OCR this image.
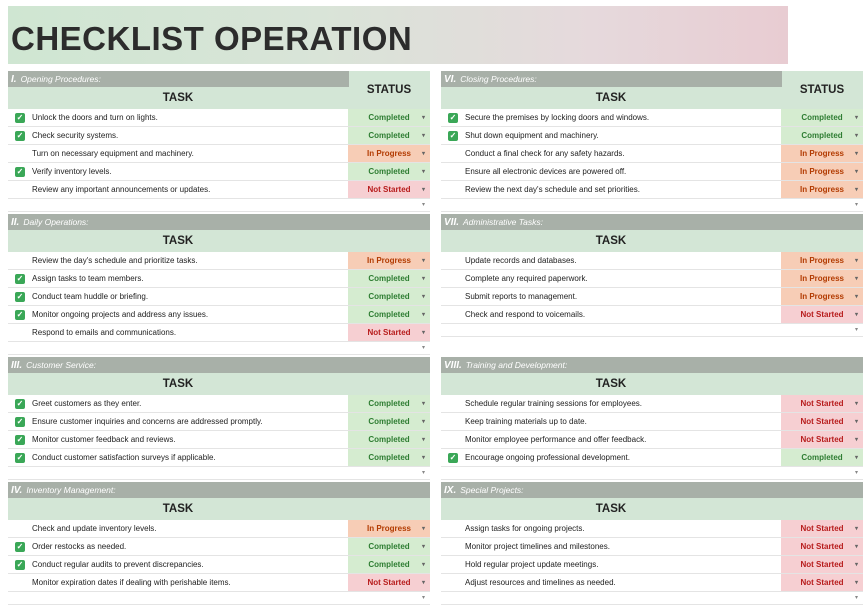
CHECKLIST OPERATION
STATUS
I. Opening Procedures:
TASK
✓ Unlock the doors and turn on lights.	Completed ▾
✓ Check security systems.	Completed ▾
Turn on necessary equipment and machinery.	In Progress ▾
✓ Verify inventory levels.	Completed ▾
Review any important announcements or updates.	Not Started ▾
▾
II. Daily Operations:
TASK
Review the day's schedule and prioritize tasks.	In Progress ▾
✓ Assign tasks to team members.	Completed ▾
✓ Conduct team huddle or briefing.	Completed ▾
✓ Monitor ongoing projects and address any issues.	Completed ▾
Respond to emails and communications.	Not Started ▾
▾
III. Customer Service:
TASK
✓ Greet customers as they enter.	Completed ▾
✓ Ensure customer inquiries and concerns are addressed promptly.	Completed ▾
✓ Monitor customer feedback and reviews.	Completed ▾
✓ Conduct customer satisfaction surveys if applicable.	Completed ▾
▾
IV. Inventory Management:
TASK
Check and update inventory levels.	In Progress ▾
✓ Order restocks as needed.	Completed ▾
✓ Conduct regular audits to prevent discrepancies.	Completed ▾
Monitor expiration dates if dealing with perishable items.	Not Started ▾
▾
STATUS
VI. Closing Procedures:
TASK
✓ Secure the premises by locking doors and windows.	Completed ▾
✓ Shut down equipment and machinery.	Completed ▾
Conduct a final check for any safety hazards.	In Progress ▾
Ensure all electronic devices are powered off.	In Progress ▾
Review the next day's schedule and set priorities.	In Progress ▾
▾
VII. Administrative Tasks:
TASK
Update records and databases.	In Progress ▾
Complete any required paperwork.	In Progress ▾
Submit reports to management.	In Progress ▾
Check and respond to voicemails.	Not Started ▾
▾
VIII. Training and Development:
TASK
Schedule regular training sessions for employees.	Not Started ▾
Keep training materials up to date.	Not Started ▾
Monitor employee performance and offer feedback.	Not Started ▾
✓ Encourage ongoing professional development.	Completed ▾
▾
IX. Special Projects:
TASK
Assign tasks for ongoing projects.	Not Started ▾
Monitor project timelines and milestones.	Not Started ▾
Hold regular project update meetings.	Not Started ▾
Adjust resources and timelines as needed.	Not Started ▾
▾
